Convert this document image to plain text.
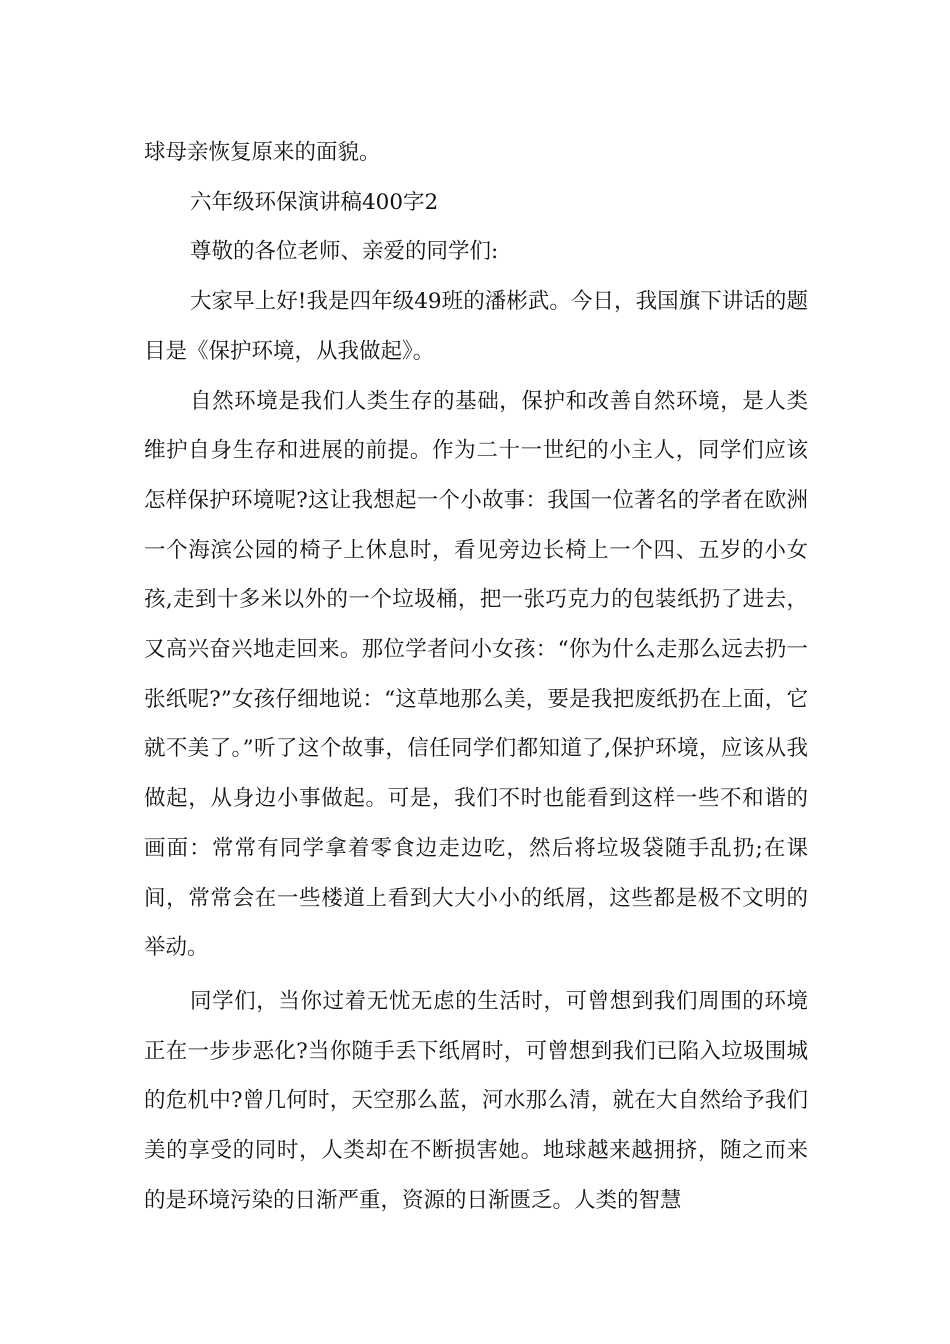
球母亲恢复原来的面貌。

六年级环保演讲稿400字2

尊敬的各位老师、亲爱的同学们:

大家早上好!我是四年级49班的潘彬武。今日，我国旗下讲话的题目是《保护环境，从我做起》。

自然环境是我们人类生存的基础，保护和改善自然环境，是人类维护自身生存和进展的前提。作为二十一世纪的小主人，同学们应该怎样保护环境呢?这让我想起一个小故事：我国一位著名的学者在欧洲一个海滨公园的椅子上休息时，看见旁边长椅上一个四、五岁的小女孩,走到十多米以外的一个垃圾桶，把一张巧克力的包装纸扔了进去，又高兴奋兴地走回来。那位学者问小女孩：“你为什么走那么远去扔一张纸呢?”女孩仔细地说：“这草地那么美，要是我把废纸扔在上面，它就不美了。”听了这个故事，信任同学们都知道了,保护环境，应该从我做起，从身边小事做起。可是，我们不时也能看到这样一些不和谐的画面：常常有同学拿着零食边走边吃，然后将垃圾袋随手乱扔;在课间，常常会在一些楼道上看到大大小小的纸屑，这些都是极不文明的举动。

同学们，当你过着无忧无虑的生活时，可曾想到我们周围的环境正在一步步恶化?当你随手丢下纸屑时，可曾想到我们已陷入垃圾围城的危机中?曾几何时，天空那么蓝，河水那么清，就在大自然给予我们美的享受的同时，人类却在不断损害她。地球越来越拥挤，随之而来的是环境污染的日渐严重，资源的日渐匮乏。人类的智慧
